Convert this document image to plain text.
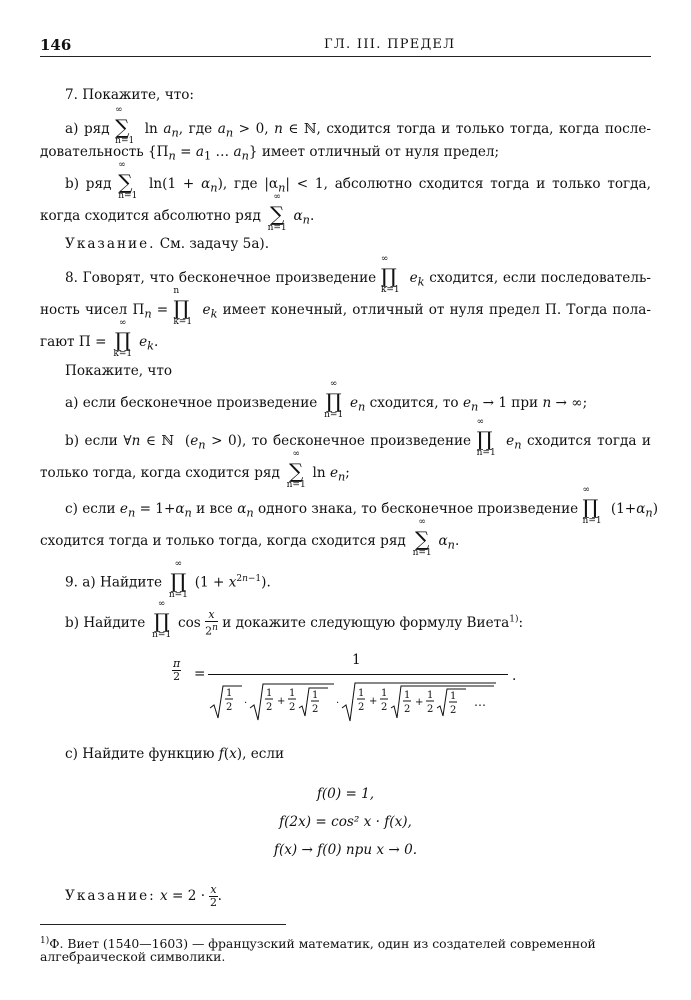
146	ГЛ. III. ПРЕДЕЛ
7. Покажите, что:
a) ряд
∞
∑
n=1
$\ln a_n$, где $a_n > 0$, n ∈ ℕ, сходится тогда и только тогда, когда после-
довательность {$\Pi_n = a_1$ … $a_n$} имеет отличный от нуля предел;
b) ряд
∞
∑
n=1
$\ln(1 + \alpha_n)$, где $|\alpha_n| < 1$, абсолютно сходится тогда и только тогда,
когда сходится абсолютно ряд
∞
∑
n=1
$\alpha_n$.
Указание. См. задачу 5а).
8. Говорят, что бесконечное произведение
∞
∏
k=1
$e_k$ сходится, если последователь-
ность чисел $\Pi_n$ =
n
∏
k=1
$e_k$ имеет конечный, отличный от нуля предел Π. Тогда пола-
гают Π =
∞
∏
k=1
$e_k$.
Покажите, что
a) если бесконечное произведение
∞
∏
n=1
$e_n$ сходится, то $e_n \to 1$ при n → ∞;
b) если ∀n ∈ ℕ  $(e_n > 0)$, то бесконечное произведение
∞
∏
n=1
$e_n$ сходится тогда и
только тогда, когда сходится ряд
∞
∑
n=1
$\ln e_n$;
c) если $e_n = 1+\alpha_n$ и все $\alpha_n$ одного знака, то бесконечное произведение
∞
∏
n=1
$(1+\alpha_n)$
сходится тогда и только тогда, когда сходится ряд
∞
∑
n=1
$\alpha_n$.
9. а) Найдите
∞
∏
n=1
$(1 + x^{2n-1})$.
b) Найдите
∞
∏
n=1
$\cos \frac{x}{2^n}$ и докажите следующую формулу Виета$^{1)}$:
$\frac{\pi}{2}$ =
1
.
1
2 ·
1
2
+
1
2
1
2
·
1
2
+
1
2
1
2
+
1
2
1
2
…
c) Найдите функцию f(x), если
f(0) = 1,
f(2x) = cos² x · f(x),
f(x) → f(0) при x → 0.
Указание: $x = 2 \cdot \frac{x}{2}$ .
$^{1)}$Ф. Виет (1540—1603) — французский математик, один из создателей современной
алгебраической символики.
